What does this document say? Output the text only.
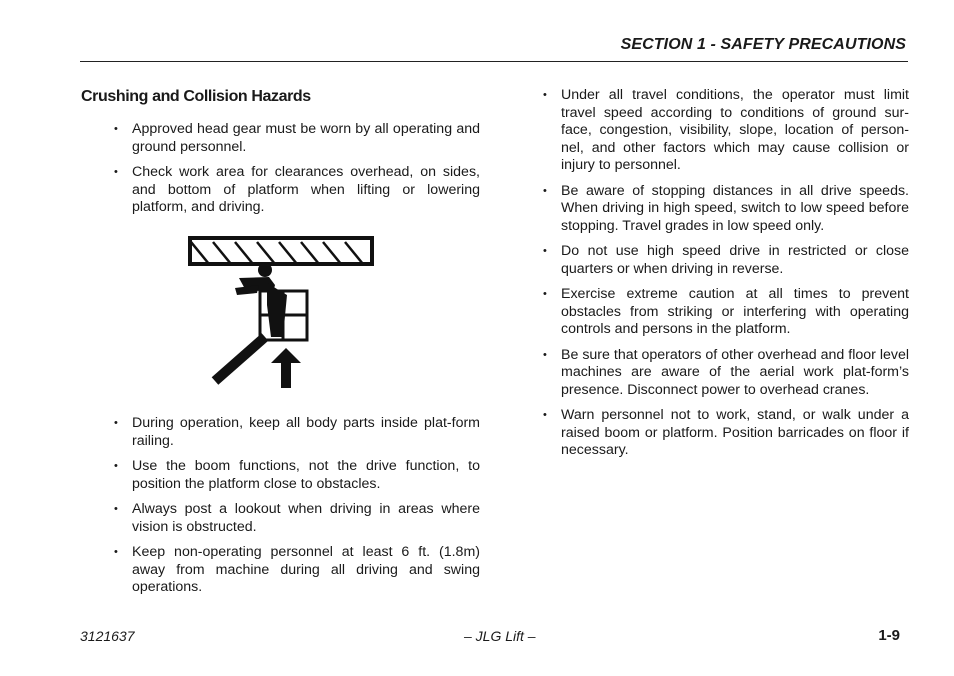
SECTION 1 - SAFETY PRECAUTIONS
Crushing and Collision Hazards
• Approved head gear must be worn by all operating and ground personnel.
• Check work area for clearances overhead, on sides, and bottom of platform when lifting or lowering platform, and driving.
• During operation, keep all body parts inside plat-form railing.
• Use the boom functions, not the drive function, to position the platform close to obstacles.
• Always post a lookout when driving in areas where vision is obstructed.
• Keep non-operating personnel at least 6 ft. (1.8m) away from machine during all driving and swing operations.
• Under all travel conditions, the operator must limit travel speed according to conditions of ground sur-face, congestion, visibility, slope, location of person-nel, and other factors which may cause collision or injury to personnel.
• Be aware of stopping distances in all drive speeds. When driving in high speed, switch to low speed before stopping. Travel grades in low speed only.
• Do not use high speed drive in restricted or close quarters or when driving in reverse.
• Exercise extreme caution at all times to prevent obstacles from striking or interfering with operating controls and persons in the platform.
• Be sure that operators of other overhead and floor level machines are aware of the aerial work plat-form’s presence. Disconnect power to overhead cranes.
• Warn personnel not to work, stand, or walk under a raised boom or platform. Position barricades on floor if necessary.
3121637	– JLG Lift –	1-9
